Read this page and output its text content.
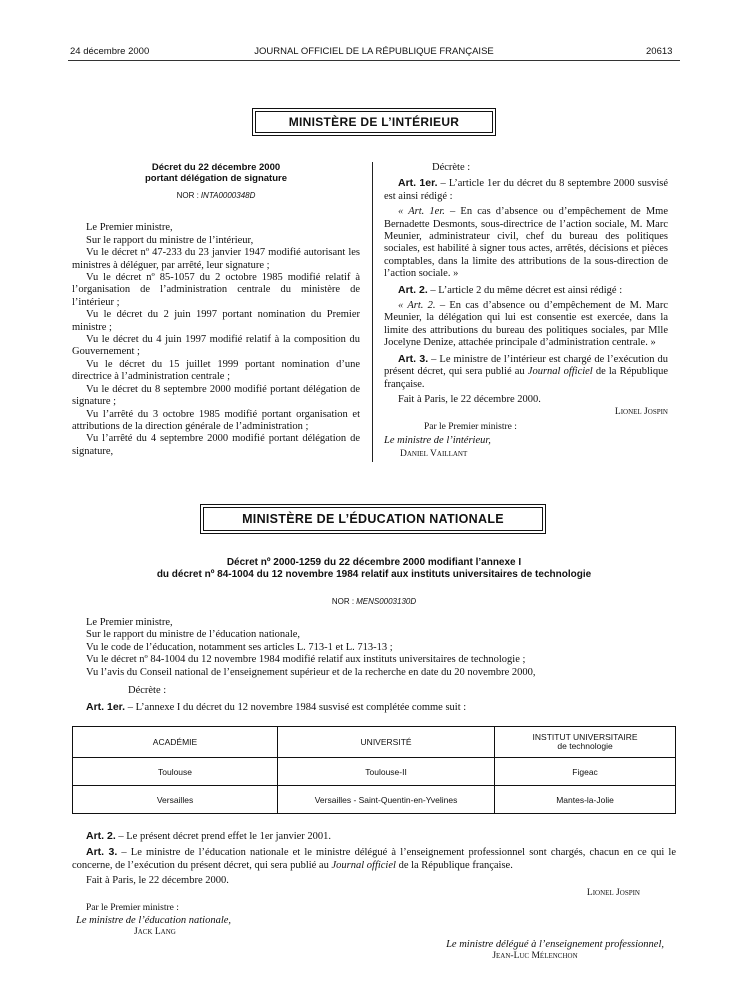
24 décembre 2000	JOURNAL OFFICIEL DE LA RÉPUBLIQUE FRANÇAISE	20613
MINISTÈRE DE L’INTÉRIEUR
Décret du 22 décembre 2000
portant délégation de signature
NOR : INTA0000348D

Le Premier ministre,

Sur le rapport du ministre de l’intérieur,

Vu le décret nº 47-233 du 23 janvier 1947 modifié autorisant les ministres à déléguer, par arrêté, leur signature ;

Vu le décret nº 85-1057 du 2 octobre 1985 modifié relatif à l’organisation de l’administration centrale du ministère de l’intérieur ;

Vu le décret du 2 juin 1997 portant nomination du Premier ministre ;

Vu le décret du 4 juin 1997 modifié relatif à la composition du Gouvernement ;

Vu le décret du 15 juillet 1999 portant nomination d’une directrice à l’administration centrale ;

Vu le décret du 8 septembre 2000 modifié portant délégation de signature ;

Vu l’arrêté du 3 octobre 1985 modifié portant organisation et attributions de la direction générale de l’administration ;

Vu l’arrêté du 4 septembre 2000 modifié portant délégation de signature,

Décrète :

Art. 1er. – L’article 1er du décret du 8 septembre 2000 susvisé est ainsi rédigé :

« Art. 1er. – En cas d’absence ou d’empêchement de Mme Bernadette Desmonts, sous-directrice de l’action sociale, M. Marc Meunier, administrateur civil, chef du bureau des politiques sociales, est habilité à signer tous actes, arrêtés, décisions et pièces comptables, dans la limite des attributions de la sous-direction de l’action sociale. »

Art. 2. – L’article 2 du même décret est ainsi rédigé :

« Art. 2. – En cas d’absence ou d’empêchement de M. Marc Meunier, la délégation qui lui est consentie est exercée, dans la limite des attributions du bureau des politiques sociales, par Mlle Jocelyne Denize, attachée principale d’administration centrale. »

Art. 3. – Le ministre de l’intérieur est chargé de l’exécution du présent décret, qui sera publié au Journal officiel de la République française.

Fait à Paris, le 22 décembre 2000.

Lionel Jospin

Par le Premier ministre :

Le ministre de l’intérieur,

Daniel Vaillant

MINISTÈRE DE L’ÉDUCATION NATIONALE
Décret nº 2000-1259 du 22 décembre 2000 modifiant l’annexe I
du décret nº 84-1004 du 12 novembre 1984 relatif aux instituts universitaires de technologie
NOR : MENS0003130D

Le Premier ministre,

Sur le rapport du ministre de l’éducation nationale,

Vu le code de l’éducation, notamment ses articles L. 713-1 et L. 713-13 ;

Vu le décret nº 84-1004 du 12 novembre 1984 modifié relatif aux instituts universitaires de technologie ;

Vu l’avis du Conseil national de l’enseignement supérieur et de la recherche en date du 20 novembre 2000,

Décrète :

Art. 1er. – L’annexe I du décret du 12 novembre 1984 susvisé est complétée comme suit :

ACADÉMIE	UNIVERSITÉ	INSTITUT UNIVERSITAIRE
de technologie

Toulouse	Toulouse-II	Figeac
Versailles	Versailles - Saint-Quentin-en-Yvelines	Mantes-la-Jolie

Art. 2. – Le présent décret prend effet le 1er janvier 2001.

Art. 3. – Le ministre de l’éducation nationale et le ministre délégué à l’enseignement professionnel sont chargés, chacun en ce qui le concerne, de l’exécution du présent décret, qui sera publié au Journal officiel de la République française.

Fait à Paris, le 22 décembre 2000.

Lionel Jospin
Par le Premier ministre :
Le ministre de l’éducation nationale,
Jack Lang
Le ministre délégué à l’enseignement professionnel,
Jean-Luc Mélenchon
